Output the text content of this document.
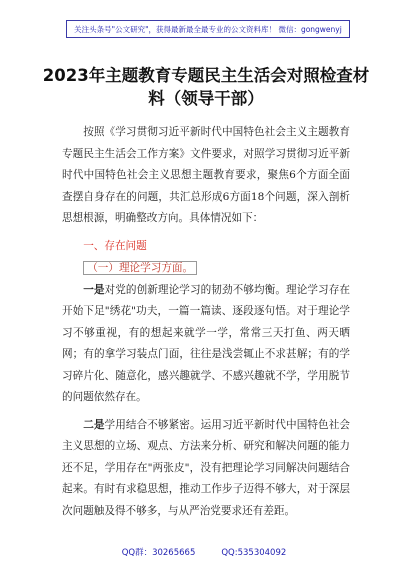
关注头条号"公文研究"，获得最新最全最专业的公文资料库！ 微信：gongwenyj
2023年主题教育专题民主生活会对照检查材料（领导干部）

按照《学习贯彻习近平新时代中国特色社会主义主题教育专题民主生活会工作方案》文件要求，对照学习贯彻习近平新时代中国特色社会主义思想主题教育要求，聚焦6个方面全面查摆自身存在的问题，共汇总形成6方面18个问题，深入剖析思想根源，明确整改方向。具体情况如下：

一、存在问题

（一）理论学习方面。

一是对党的创新理论学习的韧劲不够均衡。理论学习存在开始下足"绣花"功夫，一篇一篇读、逐段逐句悟。对于理论学习不够重视，有的想起来就学一学，常常三天打鱼、两天晒网；有的拿学习装点门面，往往是浅尝辄止不求甚解；有的学习碎片化、随意化，感兴趣就学、不感兴趣就不学，学用脱节的问题依然存在。

二是学用结合不够紧密。运用习近平新时代中国特色社会主义思想的立场、观点、方法来分析、研究和解决问题的能力还不足，学用存在"两张皮"，没有把理论学习同解决问题结合起来。有时有求稳思想，推动工作步子迈得不够大，对于深层次问题触及得不够多，与从严治党要求还有差距。

QQ群：30265665	QQ:535304092
